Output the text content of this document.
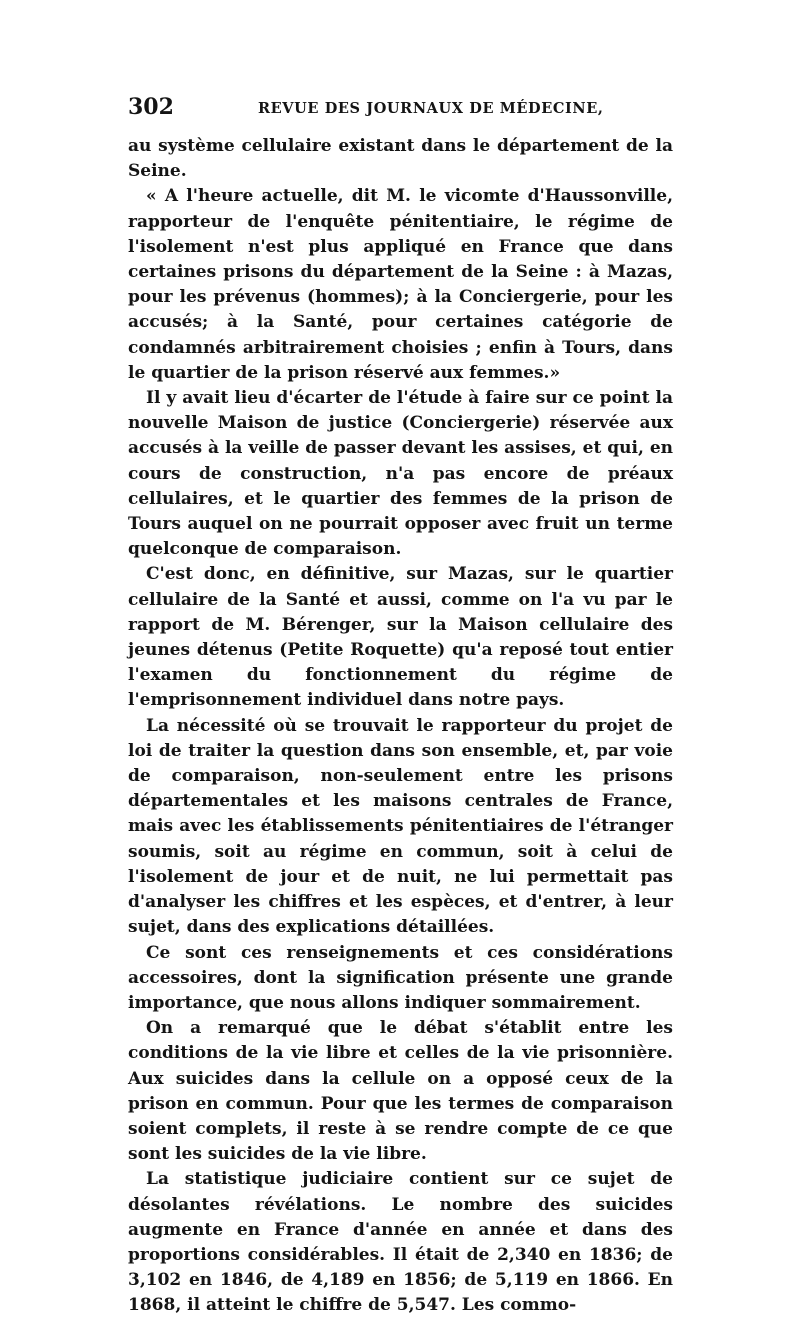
302	REVUE DES JOURNAUX DE MÉDECINE,

au système cellulaire existant dans le département de la Seine.

« A l'heure actuelle, dit M. le vicomte d'Haussonville, rapporteur de l'enquête pénitentiaire, le régime de l'isolement n'est plus appliqué en France que dans certaines prisons du département de la Seine : à Mazas, pour les prévenus (hommes); à la Conciergerie, pour les accusés; à la Santé, pour certaines catégorie de condamnés arbitrairement choisies ; enfin à Tours, dans le quartier de la prison réservé aux femmes.»

Il y avait lieu d'écarter de l'étude à faire sur ce point la nouvelle Maison de justice (Conciergerie) réservée aux accusés à la veille de passer devant les assises, et qui, en cours de construction, n'a pas encore de préaux cellulaires, et le quartier des femmes de la prison de Tours auquel on ne pourrait opposer avec fruit un terme quelconque de comparaison.

C'est donc, en définitive, sur Mazas, sur le quartier cellulaire de la Santé et aussi, comme on l'a vu par le rapport de M. Bérenger, sur la Maison cellulaire des jeunes détenus (Petite Roquette) qu'a reposé tout entier l'examen du fonctionnement du régime de l'emprisonnement individuel dans notre pays.

La nécessité où se trouvait le rapporteur du projet de loi de traiter la question dans son ensemble, et, par voie de comparaison, non-seulement entre les prisons départementales et les maisons centrales de France, mais avec les établissements pénitentiaires de l'étranger soumis, soit au régime en commun, soit à celui de l'isolement de jour et de nuit, ne lui permettait pas d'analyser les chiffres et les espèces, et d'entrer, à leur sujet, dans des explications détaillées.

Ce sont ces renseignements et ces considérations accessoires, dont la signification présente une grande importance, que nous allons indiquer sommairement.

On a remarqué que le débat s'établit entre les conditions de la vie libre et celles de la vie prisonnière. Aux suicides dans la cellule on a opposé ceux de la prison en commun. Pour que les termes de comparaison soient complets, il reste à se rendre compte de ce que sont les suicides de la vie libre.

La statistique judiciaire contient sur ce sujet de désolantes révélations. Le nombre des suicides augmente en France d'année en année et dans des proportions considérables. Il était de 2,340 en 1836; de 3,102 en 1846, de 4,189 en 1856; de 5,119 en 1866. En 1868, il atteint le chiffre de 5,547. Les commo-
